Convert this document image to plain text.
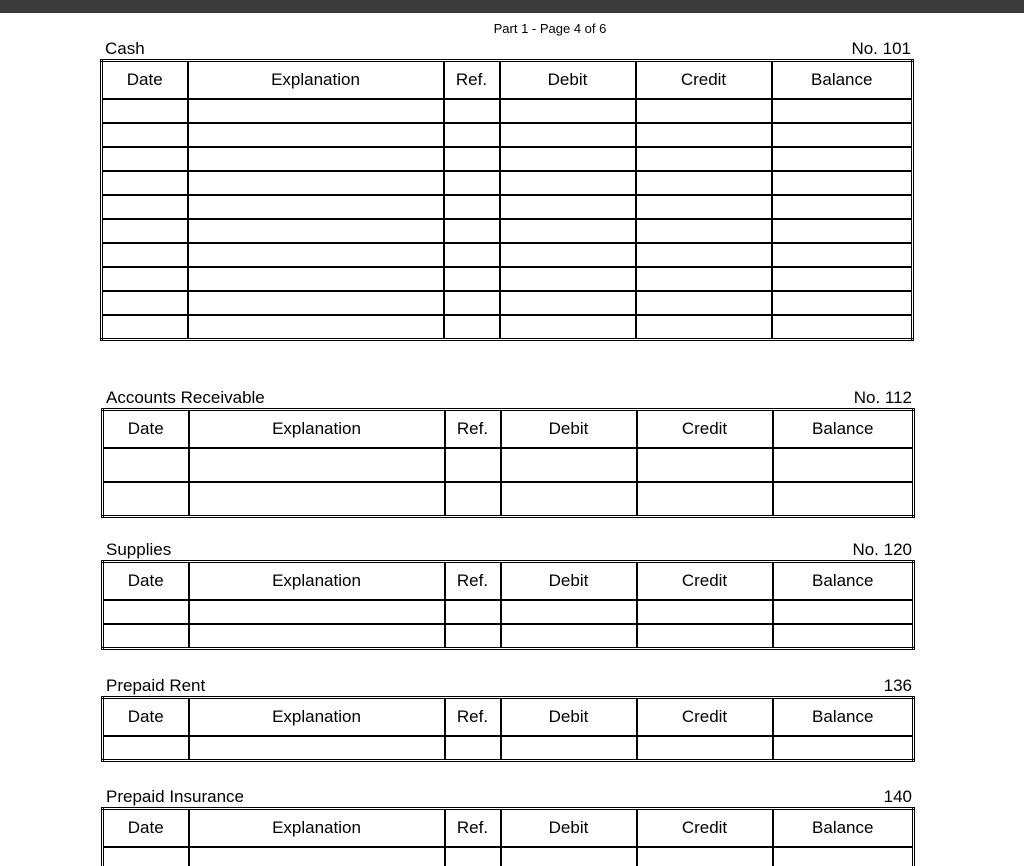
Part 1 - Page 4 of 6
Cash	No. 101
Date	Explanation	Ref.	Debit	Credit	Balance

Accounts Receivable	No. 112
Date	Explanation	Ref.	Debit	Credit	Balance

Supplies	No. 120
Date	Explanation	Ref.	Debit	Credit	Balance

Prepaid Rent	136
Date	Explanation	Ref.	Debit	Credit	Balance

Prepaid Insurance	140
Date	Explanation	Ref.	Debit	Credit	Balance
